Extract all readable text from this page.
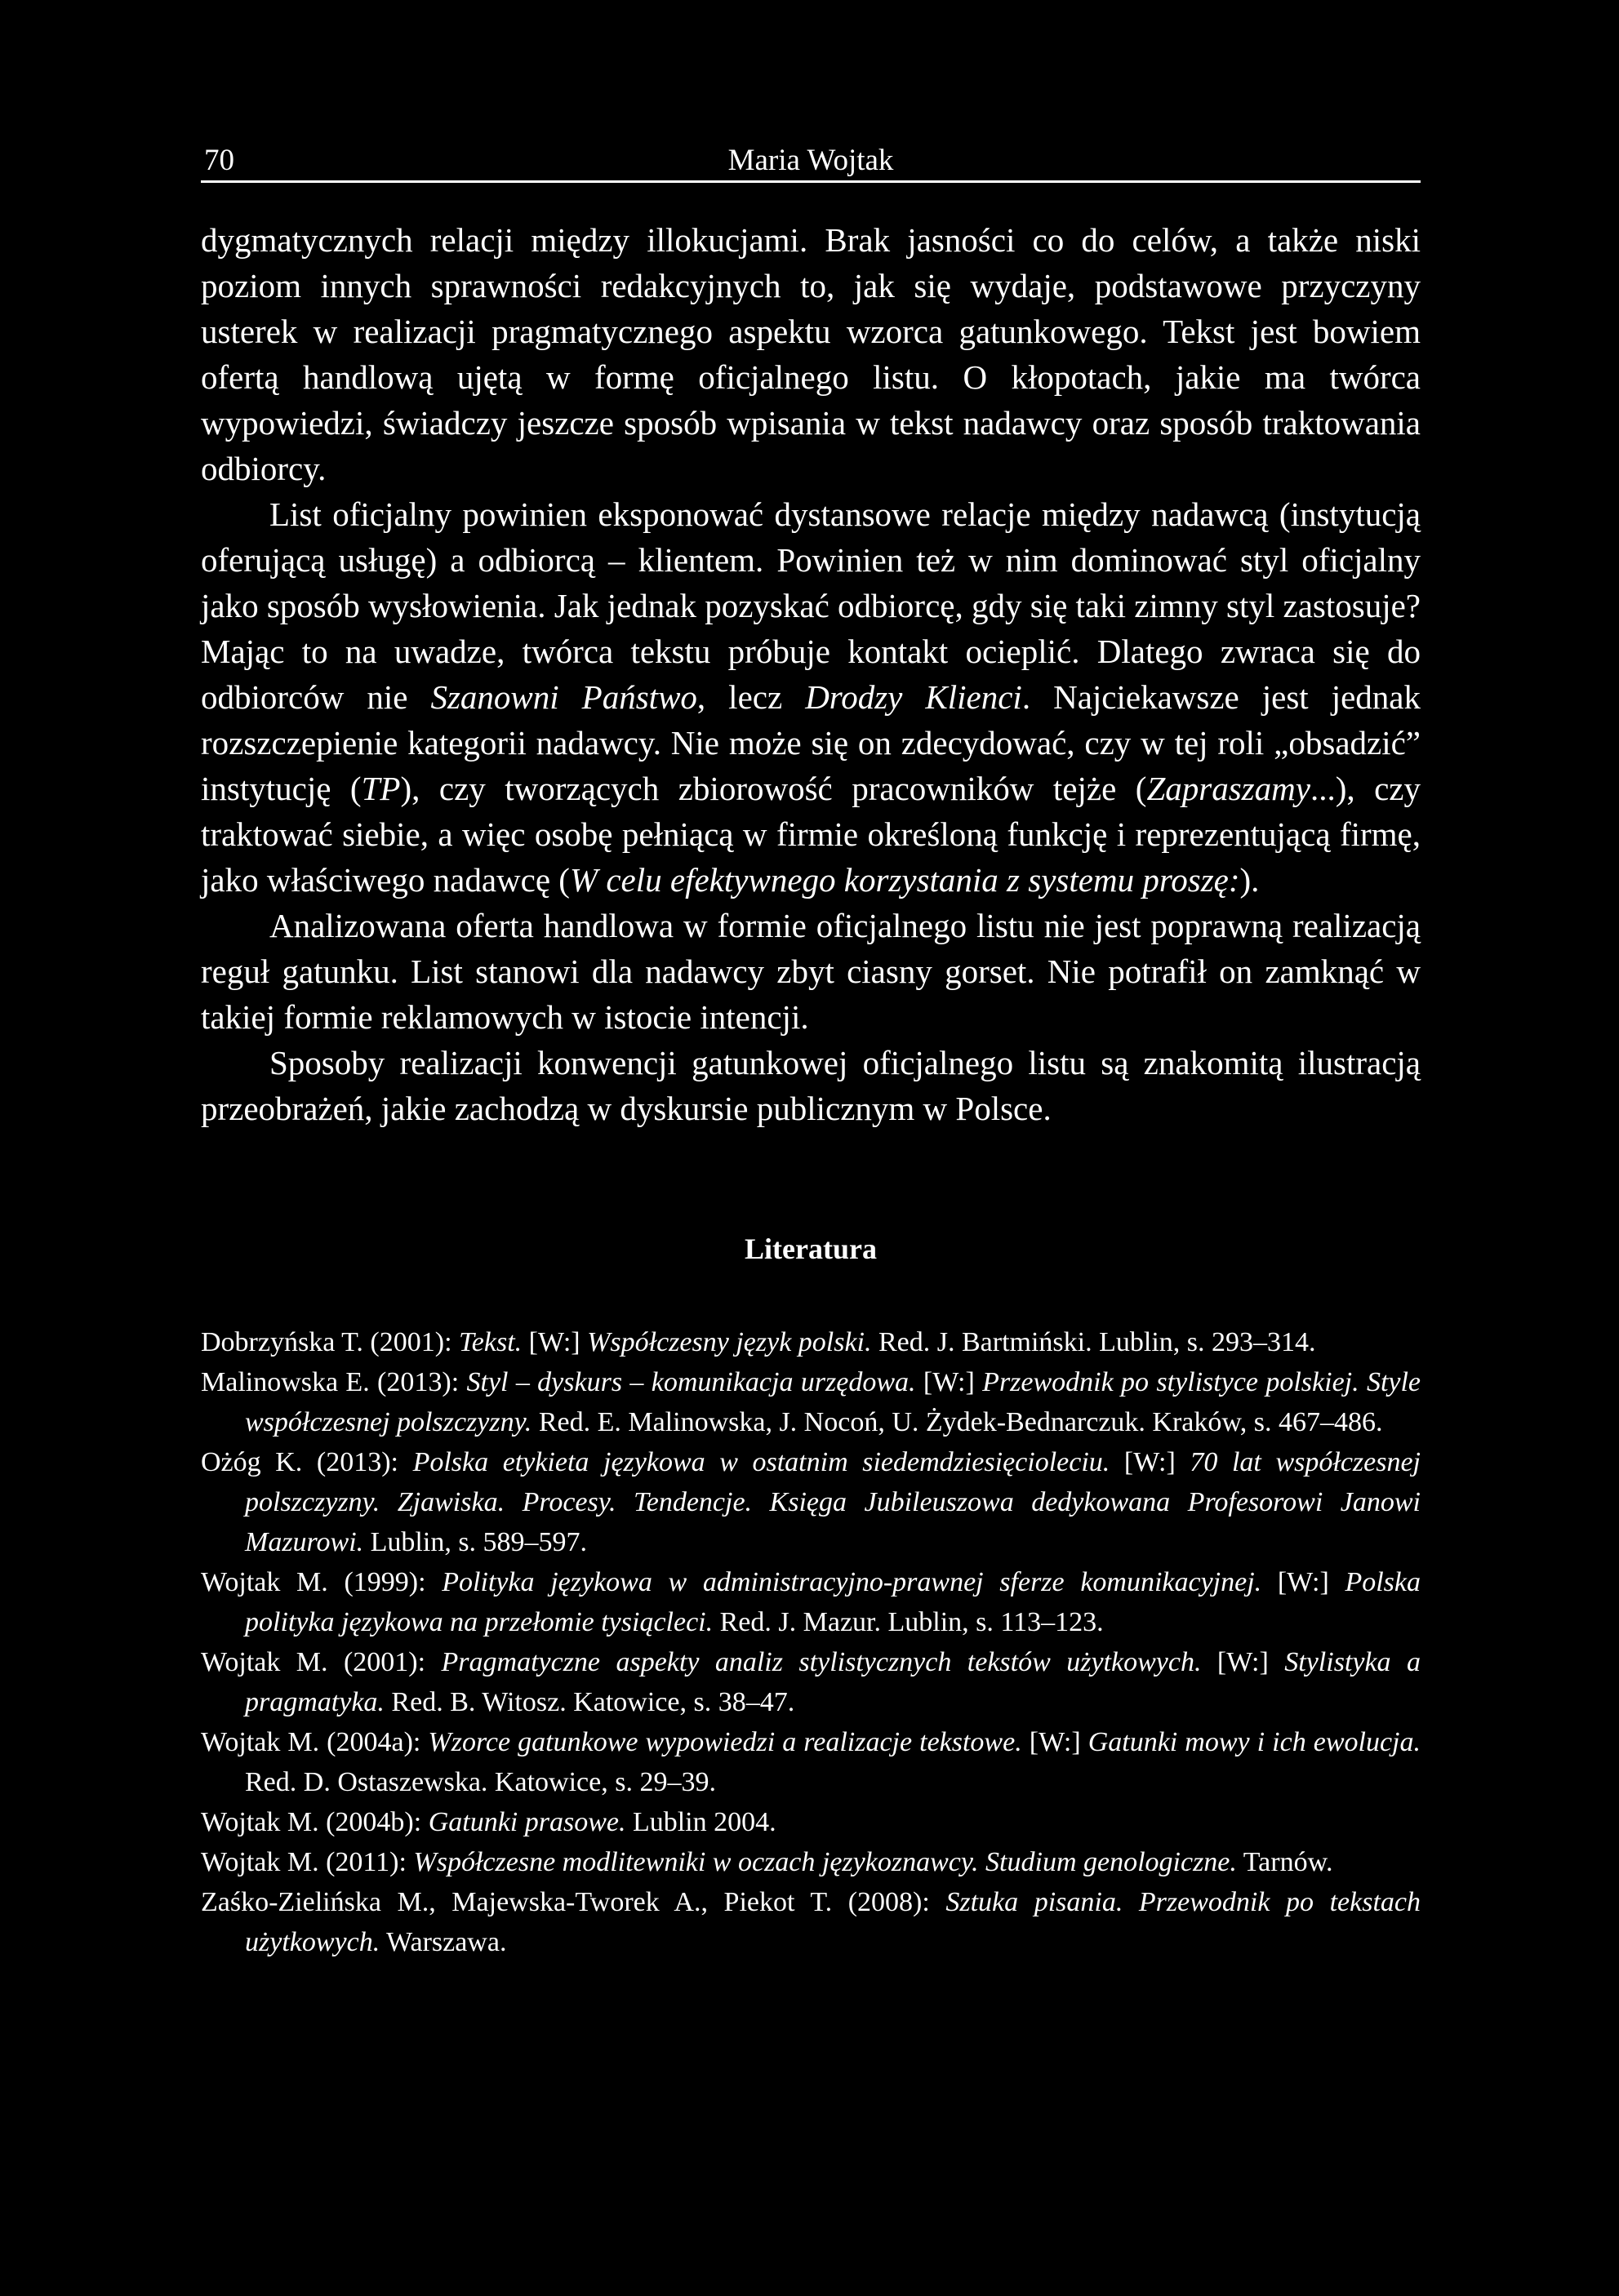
70	Maria Wojtak

dygmatycznych relacji między illokucjami. Brak jasności co do celów, a także niski poziom innych sprawności redakcyjnych to, jak się wydaje, podstawowe przyczyny usterek w realizacji pragmatycznego aspektu wzorca gatunkowego. Tekst jest bowiem ofertą handlową ujętą w formę oficjalnego listu. O kłopotach, jakie ma twórca wypowiedzi, świadczy jeszcze sposób wpisania w tekst nadawcy oraz sposób traktowania odbiorcy.

List oficjalny powinien eksponować dystansowe relacje między nadawcą (instytucją oferującą usługę) a odbiorcą – klientem. Powinien też w nim dominować styl oficjalny jako sposób wysłowienia. Jak jednak pozyskać odbiorcę, gdy się taki zimny styl zastosuje? Mając to na uwadze, twórca tekstu próbuje kontakt ocieplić. Dlatego zwraca się do odbiorców nie Szanowni Państwo, lecz Drodzy Klienci. Najciekawsze jest jednak rozszczepienie kategorii nadawcy. Nie może się on zdecydować, czy w tej roli „obsadzić” instytucję (TP), czy tworzących zbiorowość pracowników tejże (Zapraszamy...), czy traktować siebie, a więc osobę pełniącą w firmie określoną funkcję i reprezentującą firmę, jako właściwego nadawcę (W celu efektywnego korzystania z systemu proszę:).

Analizowana oferta handlowa w formie oficjalnego listu nie jest poprawną realizacją reguł gatunku. List stanowi dla nadawcy zbyt ciasny gorset. Nie potrafił on zamknąć w takiej formie reklamowych w istocie intencji.

Sposoby realizacji konwencji gatunkowej oficjalnego listu są znakomitą ilustracją przeobrażeń, jakie zachodzą w dyskursie publicznym w Polsce.

Literatura

Dobrzyńska T. (2001): Tekst. [W:] Współczesny język polski. Red. J. Bartmiński. Lublin, s. 293–314.

Malinowska E. (2013): Styl – dyskurs – komunikacja urzędowa. [W:] Przewodnik po stylistyce polskiej. Style współczesnej polszczyzny. Red. E. Malinowska, J. Nocoń, U. Żydek-Bednarczuk. Kraków, s. 467–486.

Ożóg K. (2013): Polska etykieta językowa w ostatnim siedemdziesięcioleciu. [W:] 70 lat współczesnej polszczyzny. Zjawiska. Procesy. Tendencje. Księga Jubileuszowa dedykowana Profesorowi Janowi Mazurowi. Lublin, s. 589–597.

Wojtak M. (1999): Polityka językowa w administracyjno-prawnej sferze komunikacyjnej. [W:] Polska polityka językowa na przełomie tysiącleci. Red. J. Mazur. Lublin, s. 113–123.

Wojtak M. (2001): Pragmatyczne aspekty analiz stylistycznych tekstów użytkowych. [W:] Stylistyka a pragmatyka. Red. B. Witosz. Katowice, s. 38–47.

Wojtak M. (2004a): Wzorce gatunkowe wypowiedzi a realizacje tekstowe. [W:] Gatunki mowy i ich ewolucja. Red. D. Ostaszewska. Katowice, s. 29–39.

Wojtak M. (2004b): Gatunki prasowe. Lublin 2004.

Wojtak M. (2011): Współczesne modlitewniki w oczach językoznawcy. Studium genologiczne. Tarnów.

Zaśko-Zielińska M., Majewska-Tworek A., Piekot T. (2008): Sztuka pisania. Przewodnik po tekstach użytkowych. Warszawa.
